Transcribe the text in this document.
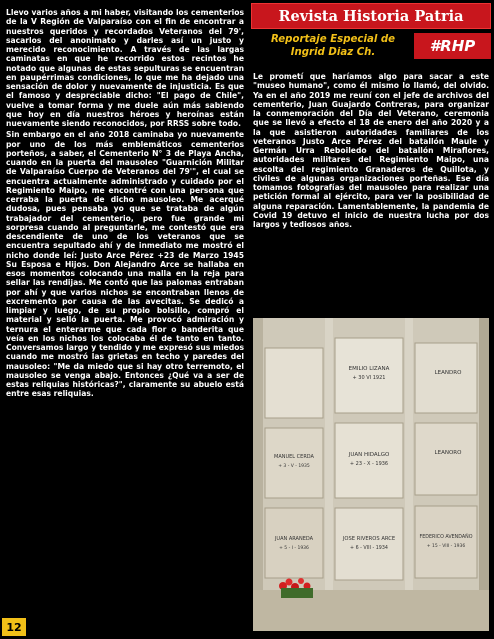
Llevo varios años a mi haber, visitando los cementerios de la V Región de Valparaíso con el fin de encontrar a nuestros queridos y recordados Veteranos del 79', sacarlos del anonimato y darles así un justo y merecido reconocimiento. A través de las largas caminatas en que he recorrido estos recintos he notado que algunas de estas sepulturas se encuentran en paupérrimas condiciones, lo que me ha dejado una sensación de dolor y nuevamente de injusticia. Es que el famoso y despreciable dicho: "El pago de Chile", vuelve a tomar forma y me duele aún más sabiendo que hoy en día nuestros héroes y heroínas están nuevamente siendo reconocidos, por RRSS sobre todo.

Sin embargo en el año 2018 caminaba yo nuevamente por uno de los más emblemáticos cementerios porteños, a saber, el Cementerio N° 3 de Playa Ancha, cuando en la puerta del mausoleo "Guarnición Militar de Valparaíso Cuerpo de Veteranos del 79'", el cual se encuentra actualmente administrado y cuidado por el Regimiento Maipo, me encontré con una persona que cerraba la puerta de dicho mausoleo. Me acerqué dudosa, pues pensaba yo que se trataba de algún trabajador del cementerio, pero fue grande mi sorpresa cuando al preguntarle, me contestó que era descendiente de uno de los veteranos que se encuentra sepultado ahí y de inmediato me mostró el nicho donde leí: Justo Arce Pérez +23 de Marzo 1945 Su Esposa e Hijos. Don Alejandro Arce se hallaba en esos momentos colocando una malla en la reja para sellar las rendijas. Me contó que las palomas entraban por ahí y que varios nichos se encontraban llenos de excremento por causa de las avecitas. Se dedicó a limpiar y luego, de su propio bolsillo, compró el material y selló la puerta. Me provocó admiración y ternura el enterarme que cada flor o banderita que veía en los nichos los colocaba él de tanto en tanto. Conversamos largo y tendido y me expresó sus miedos cuando me mostró las grietas en techo y paredes del mausoleo: "Me da miedo que si hay otro terremoto, el mausoleo se venga abajo. Entonces ¿Qué va a ser de estas reliquias históricas?", claramente su abuelo está entre esas reliquias.

Revista Historia Patria
Reportaje Especial de
Ingrid Diaz Ch.	#RHP

Le prometí que haríamos algo para sacar a este "museo humano", como él mismo lo llamó, del olvido. Ya en el año 2019 me reuní con el jefe de archivos del cementerio, Juan Guajardo Contreras, para organizar la conmemoración del Día del Veterano, ceremonia que se llevó a efecto el 18 de enero del año 2020 y a la que asistieron autoridades familiares de los veteranos Justo Arce Pérez del batallón Maule y Germán Urra Reboiledo del batallón Miraflores, autoridades militares del Regimiento Maipo, una escolta del regimiento Granaderos de Quillota, y civiles de algunas organizaciones porteñas. Ese día tomamos fotografías del mausoleo para realizar una petición formal al ejército, para ver la posibilidad de alguna reparación. Lamentablemente, la pandemia de Covid 19 detuvo el inicio de nuestra lucha por dos largos y tediosos años.

EMILIO LIZANA
+ 30 VI 1921
LEANDRO
MANUEL CERDA
+ 3 - V - 1935
JUAN HIDALGO
+ 23 - X - 1936
LEANORO
JUAN ARANEDA
+ 5 - I - 1936
JOSE RIVEROS ARCE
+ 6 - VIII - 1934
FEDERICO AVENDAÑO
+ 15 - VIII - 1936
12
